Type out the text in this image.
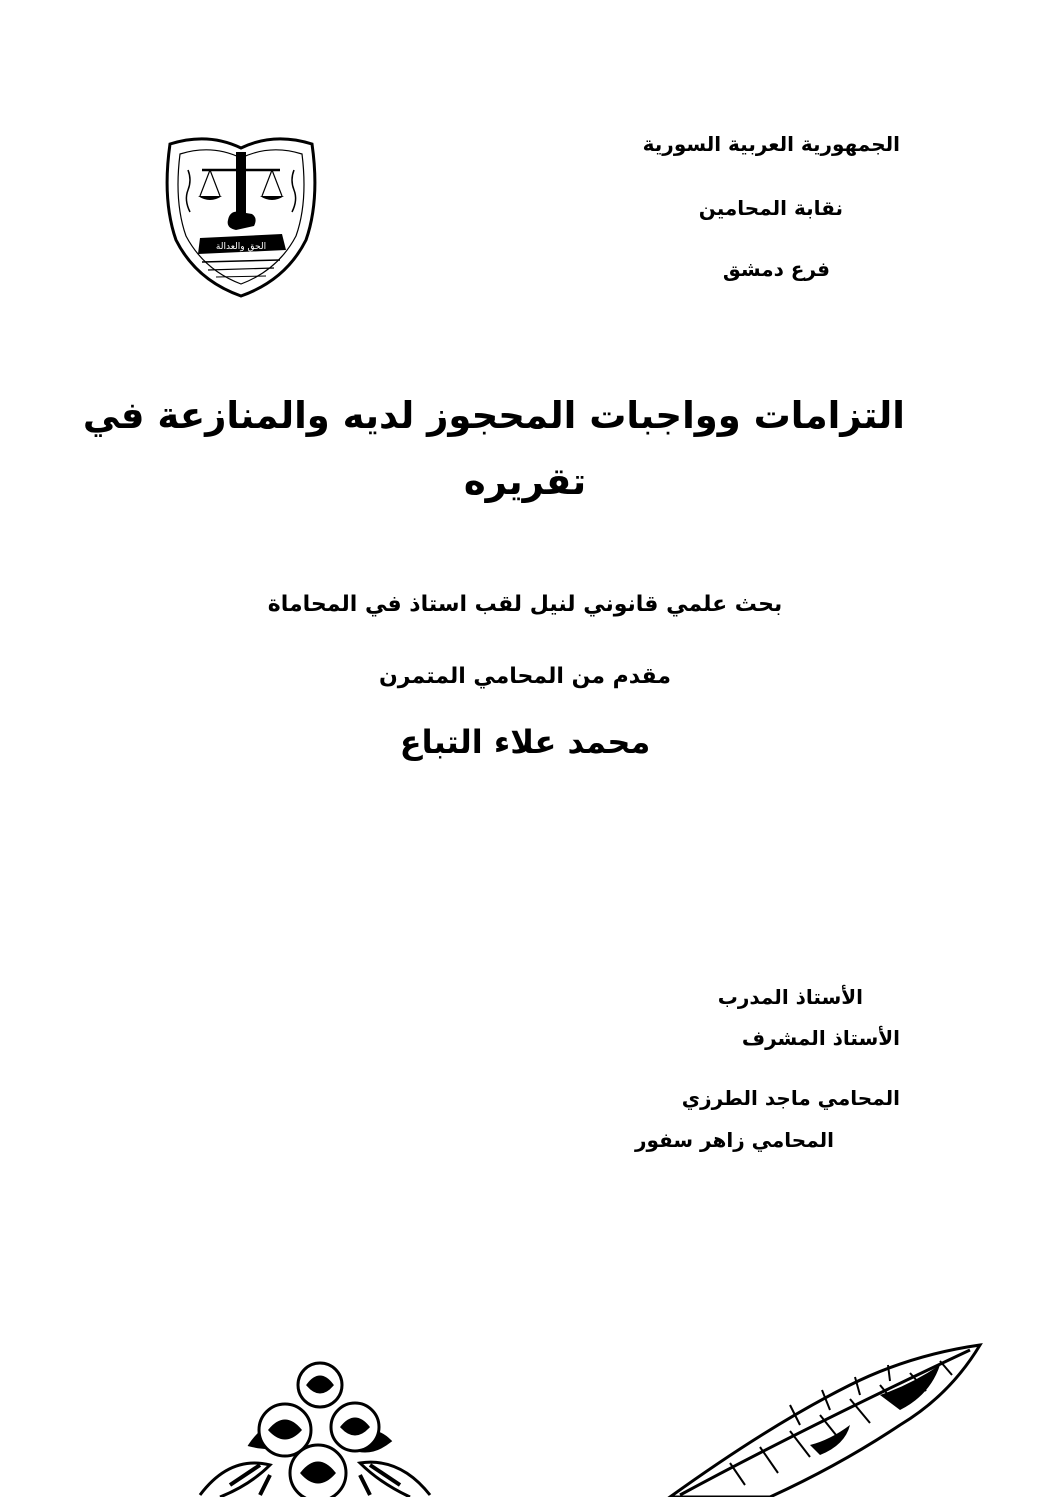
الحق والعدالة
الجمهورية العربية السورية
نقابة المحامين
فرع دمشق
التزامات وواجبات المحجوز لديه والمنازعة في
تقريره
بحث علمي قانوني لنيل لقب استاذ في المحاماة
مقدم من المحامي المتمرن
محمد علاء التباع
الأستاذ المدرب
الأستاذ المشرف
المحامي ماجد الطرزي
المحامي زاهر سفور
